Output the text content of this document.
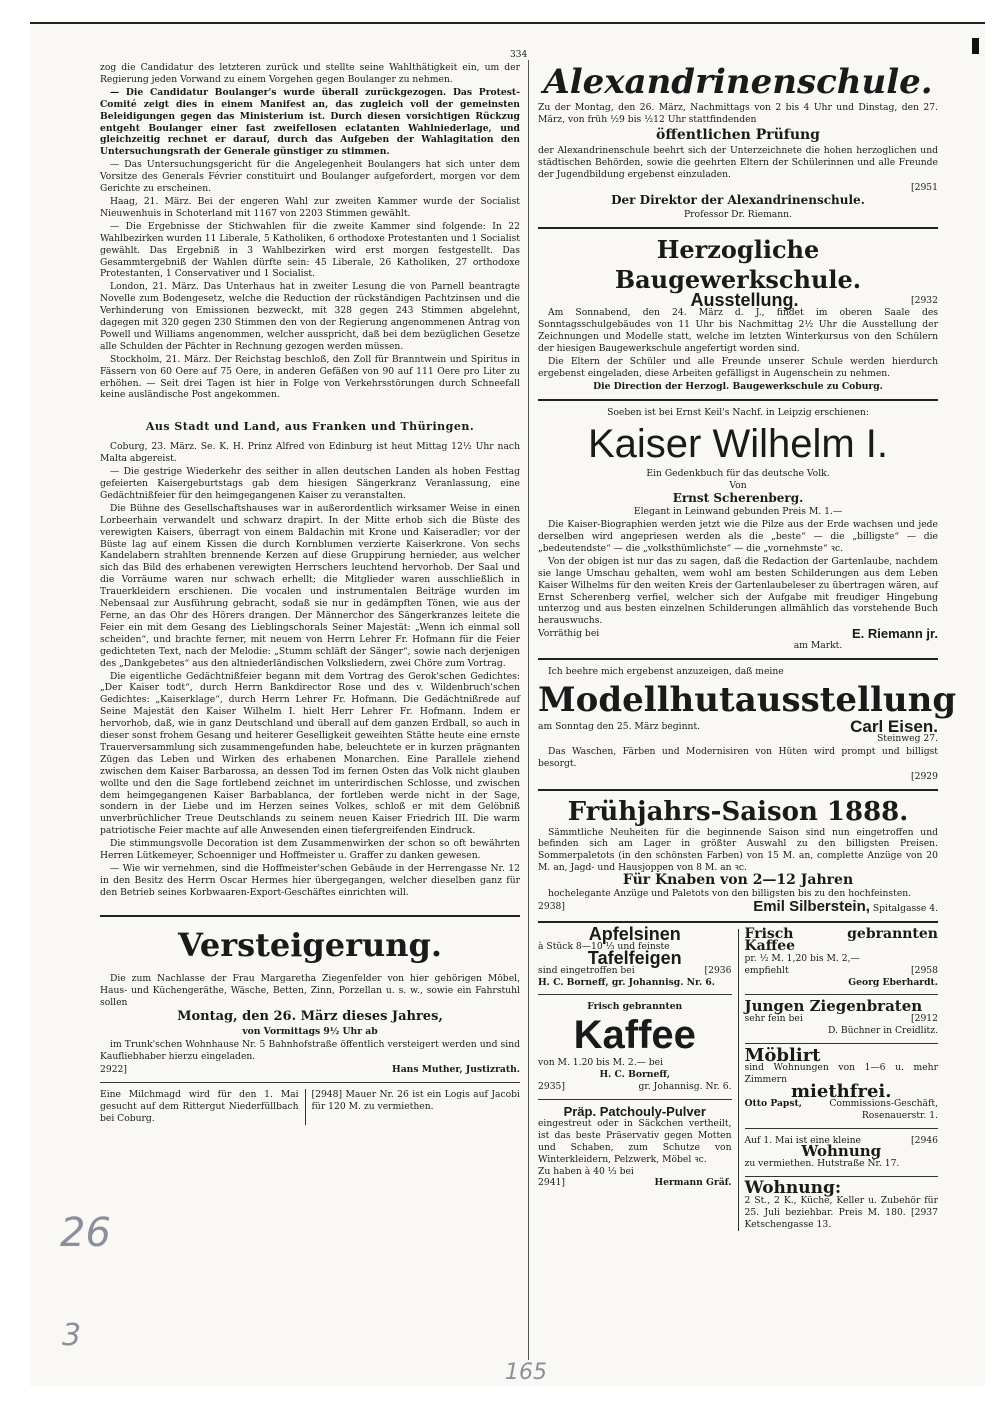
334

zog die Candidatur des letzteren zurück und stellte seine Wahlthätigkeit ein, um der Regierung jeden Vorwand zu einem Vorgehen gegen Boulanger zu nehmen.

— Die Candidatur Boulanger's wurde überall zurückgezogen. Das Protest-Comité zeigt dies in einem Manifest an, das zugleich voll der gemeinsten Beleidigungen gegen das Ministerium ist. Durch diesen vorsichtigen Rückzug entgeht Boulanger einer fast zweifellosen eclatanten Wahlniederlage, und gleichzeitig rechnet er darauf, durch das Aufgeben der Wahlagitation den Untersuchungsrath der Generale günstiger zu stimmen.

— Das Untersuchungsgericht für die Angelegenheit Boulangers hat sich unter dem Vorsitze des Generals Février constituirt und Boulanger aufgefordert, morgen vor dem Gerichte zu erscheinen.

Haag, 21. März. Bei der engeren Wahl zur zweiten Kammer wurde der Socialist Nieuwenhuis in Schoterland mit 1167 von 2203 Stimmen gewählt.

— Die Ergebnisse der Stichwahlen für die zweite Kammer sind folgende: In 22 Wahlbezirken wurden 11 Liberale, 5 Katholiken, 6 orthodoxe Protestanten und 1 Socialist gewählt. Das Ergebniß in 3 Wahlbezirken wird erst morgen festgestellt. Das Gesammtergebniß der Wahlen dürfte sein: 45 Liberale, 26 Katholiken, 27 orthodoxe Protestanten, 1 Conservativer und 1 Socialist.

London, 21. März. Das Unterhaus hat in zweiter Lesung die von Parnell beantragte Novelle zum Bodengesetz, welche die Reduction der rückständigen Pachtzinsen und die Verhinderung von Emissionen bezweckt, mit 328 gegen 243 Stimmen abgelehnt, dagegen mit 320 gegen 230 Stimmen den von der Regierung angenommenen Antrag von Powell und Williams angenommen, welcher ausspricht, daß bei dem bezüglichen Gesetze alle Schulden der Pächter in Rechnung gezogen werden müssen.

Stockholm, 21. März. Der Reichstag beschloß, den Zoll für Branntwein und Spiritus in Fässern von 60 Oere auf 75 Oere, in anderen Gefäßen von 90 auf 111 Oere pro Liter zu erhöhen. — Seit drei Tagen ist hier in Folge von Verkehrsstörungen durch Schneefall keine ausländische Post angekommen.

Aus Stadt und Land, aus Franken und Thüringen.

Coburg, 23. März. Se. K. H. Prinz Alfred von Edinburg ist heut Mittag 12½ Uhr nach Malta abgereist.

— Die gestrige Wiederkehr des seither in allen deutschen Landen als hoben Festtag gefeierten Kaisergeburtstags gab dem hiesigen Sängerkranz Veranlassung, eine Gedächtnißfeier für den heimgegangenen Kaiser zu veranstalten.

Die Bühne des Gesellschaftshauses war in außerordentlich wirksamer Weise in einen Lorbeerhain verwandelt und schwarz drapirt. In der Mitte erhob sich die Büste des verewigten Kaisers, überragt von einem Baldachin mit Krone und Kaiseradler; vor der Büste lag auf einem Kissen die durch Kornblumen verzierte Kaiserkrone. Von sechs Kandelabern strahlten brennende Kerzen auf diese Gruppirung hernieder, aus welcher sich das Bild des erhabenen verewigten Herrschers leuchtend hervorhob. Der Saal und die Vorräume waren nur schwach erhellt; die Mitglieder waren ausschließlich in Trauerkleidern erschienen. Die vocalen und instrumentalen Beiträge wurden im Nebensaal zur Ausführung gebracht, sodaß sie nur in gedämpften Tönen, wie aus der Ferne, an das Ohr des Hörers drangen. Der Männerchor des Sängerkranzes leitete die Feier ein mit dem Gesang des Lieblingschorals Seiner Majestät: „Wenn ich einmal soll scheiden“, und brachte ferner, mit neuem von Herrn Lehrer Fr. Hofmann für die Feier gedichteten Text, nach der Melodie: „Stumm schläft der Sänger“, sowie nach derjenigen des „Dankgebetes“ aus den altniederländischen Volksliedern, zwei Chöre zum Vortrag.

Die eigentliche Gedächtnißfeier begann mit dem Vortrag des Gerok'schen Gedichtes: „Der Kaiser todt“, durch Herrn Bankdirector Rose und des v. Wildenbruch'schen Gedichtes: „Kaiserklage“, durch Herrn Lehrer Fr. Hofmann. Die Gedächtnißrede auf Seine Majestät den Kaiser Wilhelm I. hielt Herr Lehrer Fr. Hofmann. Indem er hervorhob, daß, wie in ganz Deutschland und überall auf dem ganzen Erdball, so auch in dieser sonst frohem Gesang und heiterer Geselligkeit geweihten Stätte heute eine ernste Trauerversammlung sich zusammengefunden habe, beleuchtete er in kurzen prägnanten Zügen das Leben und Wirken des erhabenen Monarchen. Eine Parallele ziehend zwischen dem Kaiser Barbarossa, an dessen Tod im fernen Osten das Volk nicht glauben wollte und den die Sage fortlebend zeichnet im unterirdischen Schlosse, und zwischen dem heimgegangenen Kaiser Barbablanca, der fortleben werde nicht in der Sage, sondern in der Liebe und im Herzen seines Volkes, schloß er mit dem Gelöbniß unverbrüchlicher Treue Deutschlands zu seinem neuen Kaiser Friedrich III. Die warm patriotische Feier machte auf alle Anwesenden einen tiefergreifenden Eindruck.

Die stimmungsvolle Decoration ist dem Zusammenwirken der schon so oft bewährten Herren Lütkemeyer, Schoenniger und Hoffmeister u. Graffer zu danken gewesen.

— Wie wir vernehmen, sind die Hoffmeister'schen Gebäude in der Herrengasse Nr. 12 in den Besitz des Herrn Oscar Hermes hier übergegangen, welcher dieselben ganz für den Betrieb seines Korbwaaren-Export-Geschäftes einrichten will.

Versteigerung.

Die zum Nachlasse der Frau Margaretha Ziegenfelder von hier gehörigen Möbel, Haus- und Küchengeräthe, Wäsche, Betten, Zinn, Porzellan u. s. w., sowie ein Fahrstuhl sollen

Montag, den 26. März dieses Jahres,

von Vormittags 9½ Uhr ab

im Trunk'schen Wohnhause Nr. 5 Bahnhofstraße öffentlich versteigert werden und sind Kaufliebhaber hierzu eingeladen.

2922]	Hans Muther, Justizrath.
Eine Milchmagd wird für den 1. Mai gesucht auf dem Rittergut Niederfüllbach bei Coburg.
[2948] Mauer Nr. 26 ist ein Logis auf Jacobi für 120 M. zu vermiethen.
Alexandrinenschule.

Zu der Montag, den 26. März, Nachmittags von 2 bis 4 Uhr und Dinstag, den 27. März, von früh ½9 bis ½12 Uhr stattfindenden

öffentlichen Prüfung

der Alexandrinenschule beehrt sich der Unterzeichnete die hohen herzoglichen und städtischen Behörden, sowie die geehrten Eltern der Schülerinnen und alle Freunde der Jugendbildung ergebenst einzuladen.

[2951

Der Direktor der Alexandrinenschule.

Professor Dr. Riemann.

Herzogliche Baugewerkschule.
Ausstellung.	[2932

Am Sonnabend, den 24. März d. J., findet im oberen Saale des Sonntagsschulgebäudes von 11 Uhr bis Nachmittag 2½ Uhr die Ausstellung der Zeichnungen und Modelle statt, welche im letzten Winterkursus von den Schülern der hiesigen Baugewerkschule angefertigt worden sind.

Die Eltern der Schüler und alle Freunde unserer Schule werden hierdurch ergebenst eingeladen, diese Arbeiten gefälligst in Augenschein zu nehmen.

Die Direction der Herzogl. Baugewerkschule zu Coburg.

Soeben ist bei Ernst Keil's Nachf. in Leipzig erschienen:

Kaiser Wilhelm I.

Ein Gedenkbuch für das deutsche Volk.

Von

Ernst Scherenberg.

Elegant in Leinwand gebunden Preis M. 1.—

Die Kaiser-Biographien werden jetzt wie die Pilze aus der Erde wachsen und jede derselben wird angepriesen werden als die „beste“ — die „billigste“ — die „bedeutendste“ — die „volksthümlichste“ — die „vornehmste“ ꝛc.

Von der obigen ist nur das zu sagen, daß die Redaction der Gartenlaube, nachdem sie lange Umschau gehalten, wem wohl am besten Schilderungen aus dem Leben Kaiser Wilhelms für den weiten Kreis der Gartenlaubeleser zu übertragen wären, auf Ernst Scherenberg verfiel, welcher sich der Aufgabe mit freudiger Hingebung unterzog und aus besten einzelnen Schilderungen allmählich das vorstehende Buch herauswuchs.

Vorräthig bei	E. Riemann jr.

am Markt.

Ich beehre mich ergebenst anzuzeigen, daß meine

Modellhutausstellung
am Sonntag den 25. März beginnt.	Carl Eisen.

Steinweg 27.

Das Waschen, Färben und Modernisiren von Hüten wird prompt und billigst besorgt.

[2929

Frühjahrs-Saison 1888.

Sämmtliche Neuheiten für die beginnende Saison sind nun eingetroffen und befinden sich am Lager in größter Auswahl zu den billigsten Preisen. Sommerpaletots (in den schönsten Farben) von 15 M. an, complette Anzüge von 20 M. an, Jagd- und Hausjoppen von 8 M. an ꝛc.

Für Knaben von 2—12 Jahren

hochelegante Anzüge und Paletots von den billigsten bis zu den hochfeinsten.

2938]	Emil Silberstein, Spitalgasse 4.
Apfelsinen
à Stück 8—10 ⅓ und feinste
Tafelfeigen
sind eingetroffen bei	[2936
H. C. Borneff, gr. Johannisg. Nr. 6.
Frisch gebrannten
Kaffee
von M. 1.20 bis M. 2.— bei
H. C. Borneff,
2935]	gr. Johannisg. Nr. 6.
Präp. Patchouly-Pulver
eingestreut oder in Säckchen vertheilt, ist das beste Präservativ gegen Motten und Schaben, zum Schutze von Winterkleidern, Pelzwerk, Möbel ꝛc.
Zu haben à 40 ⅓ bei
2941]	Hermann Gräf.
Frisch gebrannten Kaffee
pr. ½ M. 1,20 bis M. 2,—
empfiehlt	[2958
Georg Eberhardt.
Jungen Ziegenbraten
sehr fein bei	[2912
D. Büchner in Creidlitz.
Möblirt
sind Wohnungen von 1—6 u. mehr Zimmern
miethfrei.
Otto Papst,	Commissions-Geschäft, Rosenauerstr. 1.
Auf 1. Mai ist eine kleine	[2946
Wohnung
zu vermiethen. Hutstraße Nr. 17.
Wohnung:
2 St., 2 K., Küche, Keller u. Zubehör für 25. Juli beziehbar. Preis M. 180. [2937 Ketschengasse 13.
26
3
165
